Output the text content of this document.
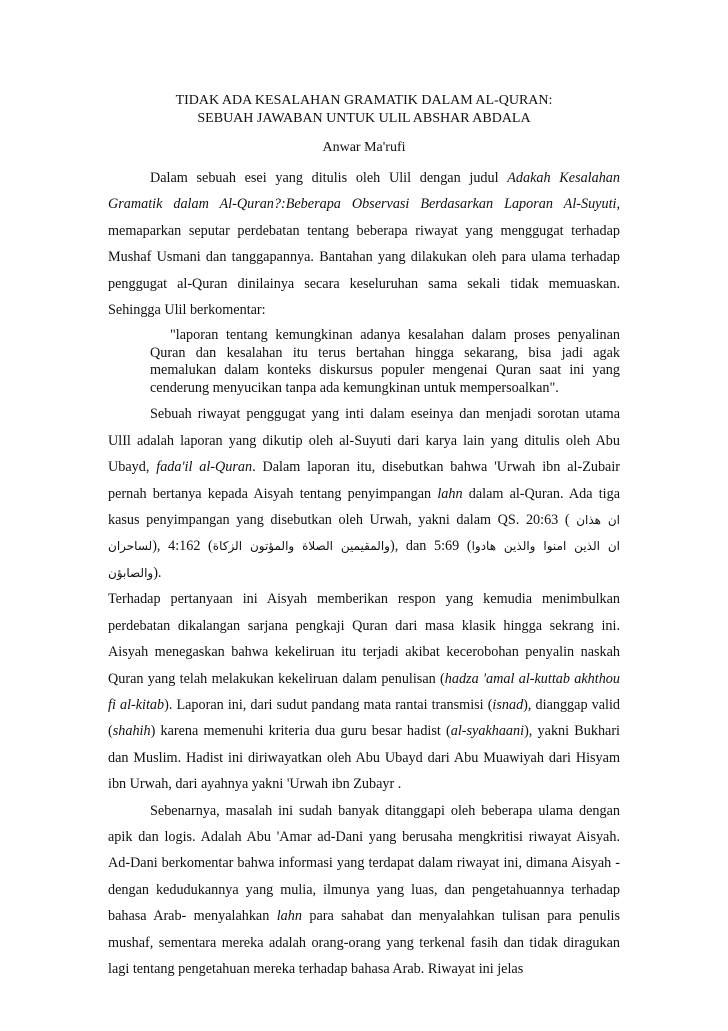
TIDAK ADA KESALAHAN GRAMATIK DALAM AL-QURAN:
SEBUAH JAWABAN UNTUK ULIL ABSHAR ABDALA
Anwar Ma'rufi

Dalam sebuah esei yang ditulis oleh Ulil dengan judul Adakah Kesalahan Gramatik dalam Al-Quran?:Beberapa Observasi Berdasarkan Laporan Al-Suyuti, memaparkan seputar perdebatan tentang beberapa riwayat yang menggugat terhadap Mushaf Usmani dan tanggapannya. Bantahan yang dilakukan oleh para ulama terhadap penggugat al-Quran dinilainya secara keseluruhan sama sekali tidak memuaskan. Sehingga Ulil berkomentar:

"laporan tentang kemungkinan adanya kesalahan dalam proses penyalinan Quran dan kesalahan itu terus bertahan hingga sekarang, bisa jadi agak memalukan dalam konteks diskursus populer mengenai Quran saat ini yang cenderung menyucikan tanpa ada kemungkinan untuk mempersoalkan".

Sebuah riwayat penggugat yang inti dalam eseinya dan menjadi sorotan utama UlIl adalah laporan yang dikutip oleh al-Suyuti dari karya lain yang ditulis oleh Abu Ubayd, fada'il al-Quran. Dalam laporan itu, disebutkan bahwa 'Urwah ibn al-Zubair pernah bertanya kepada Aisyah tentang penyimpangan lahn dalam al-Quran. Ada tiga kasus penyimpangan yang disebutkan oleh Urwah, yakni dalam QS. 20:63 ( ان هذان لساحران), 4:162 (والمقيمين الصلاة والمؤتون الزكاة), dan 5:69 (ان الذين امنوا والذين هادوا والصابؤن).

Terhadap pertanyaan ini Aisyah memberikan respon yang kemudia menimbulkan perdebatan dikalangan sarjana pengkaji Quran dari masa klasik hingga sekrang ini. Aisyah menegaskan bahwa kekeliruan itu terjadi akibat kecerobohan penyalin naskah Quran yang telah melakukan kekeliruan dalam penulisan (hadza 'amal al-kuttab akhthou fi al-kitab). Laporan ini, dari sudut pandang mata rantai transmisi (isnad), dianggap valid (shahih) karena memenuhi kriteria dua guru besar hadist (al-syakhaani), yakni Bukhari dan Muslim. Hadist ini diriwayatkan oleh Abu Ubayd dari Abu Muawiyah dari Hisyam ibn Urwah, dari ayahnya yakni 'Urwah ibn Zubayr .

Sebenarnya, masalah ini sudah banyak ditanggapi oleh beberapa ulama dengan apik dan logis. Adalah Abu 'Amar ad-Dani yang berusaha mengkritisi riwayat Aisyah. Ad-Dani berkomentar bahwa informasi yang terdapat dalam riwayat ini, dimana Aisyah -dengan kedudukannya yang mulia, ilmunya yang luas, dan pengetahuannya terhadap bahasa Arab- menyalahkan lahn para sahabat dan menyalahkan tulisan para penulis mushaf, sementara mereka adalah orang-orang yang terkenal fasih dan tidak diragukan lagi tentang pengetahuan mereka terhadap bahasa Arab. Riwayat ini jelas
